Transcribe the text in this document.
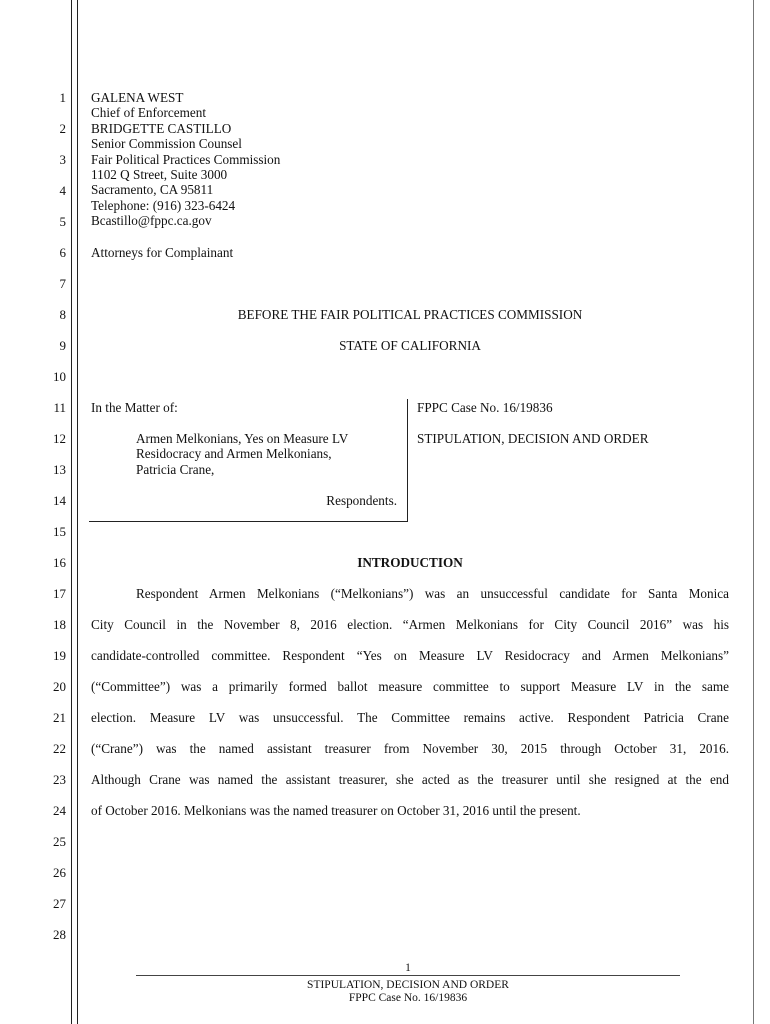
1
2
3
4
5
6
7
8
9
10
11
12
13
14
15
16
17
18
19
20
21
22
23
24
25
26
27
28
GALENA WEST
Chief of Enforcement
BRIDGETTE CASTILLO
Senior Commission Counsel
Fair Political Practices Commission
1102 Q Street, Suite 3000
Sacramento, CA 95811
Telephone: (916) 323-6424
Bcastillo@fppc.ca.gov
Attorneys for Complainant
BEFORE THE FAIR POLITICAL PRACTICES COMMISSION
STATE OF CALIFORNIA
In the Matter of:
Armen Melkonians, Yes on Measure LV
Residocracy and Armen Melkonians,
Patricia Crane,
Respondents.
FPPC Case No. 16/19836
STIPULATION, DECISION AND ORDER
INTRODUCTION
Respondent Armen Melkonians (“Melkonians”) was an unsuccessful candidate for Santa Monica
City Council in the November 8, 2016 election. “Armen Melkonians for City Council 2016” was his
candidate-controlled committee. Respondent “Yes on Measure LV Residocracy and Armen Melkonians”
(“Committee”) was a primarily formed ballot measure committee to support Measure LV in the same
election. Measure LV was unsuccessful. The Committee remains active. Respondent Patricia Crane
(“Crane”) was the named assistant treasurer from November 30, 2015 through October 31, 2016.
Although Crane was named the assistant treasurer, she acted as the treasurer until she resigned at the end
of October 2016. Melkonians was the named treasurer on October 31, 2016 until the present.
1
STIPULATION, DECISION AND ORDER
FPPC Case No. 16/19836
